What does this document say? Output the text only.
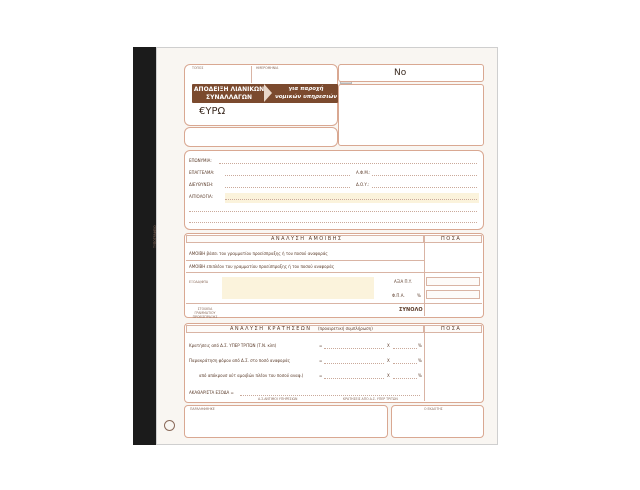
ΤΟΠΟΣ	ΗΜΕΡΟΜΗΝΙΑ	Νο
ΑΠΟΔΕΙΞΗ ΛΙΑΝΙΚΩΝ ΣΥΝΑΛΛΑΓΩΝ
για παροχή νομικών υπηρεσιών
€ΥΡΩ
ΕΠΩΝΥΜΙΑ:
ΕΠΑΓΓΕΛΜΑ:	Α.Φ.Μ.:
ΔΙΕΥΘΥΝΣΗ:	Δ.Ο.Υ.:
ΑΙΤΙΟΛΟΓΙΑ:
ΑΝΑΛΥΣΗ ΑΜΟΙΒΗΣ	ΠΟΣΑ
ΑΜΟΙΒΗ βάσει του γραμματίου προείσπραξης ή του ποσού αναφοράς
ΑΜΟΙΒΗ επιπλέον του γραμματίου προείσπραξης ή του ποσού αναφοράς
ΕΞΟΔΑ/ΦΠΑ	ΑΞΙΑ Π.Υ.
Φ.Π.Α.	%
ΣΤΟΙΧΕΙΑ ΓΡΑΜΜΑΤΙΟΥ ΠΡΟΕΙΣΠΡΑΞΗΣ
ΣΥΝΟΛΟ
ΑΝΑΛΥΣΗ ΚΡΑΤΗΣΕΩΝ (προαιρετική συμπλήρωση)	ΠΟΣΑ
Κρατήσεις από Δ.Σ. ΥΠΕΡ ΤΡΙΤΩΝ (Τ.Ν. κλπ)	=	Χ	%
Παρακράτηση φόρου από Δ.Σ. στο ποσό αναφοράς	=	Χ	%
από απόκρουσ ούτ αμοιβών πλέον του ποσού αναφ.)	=	Χ	%
ΑΚΑΘΑΡΙΣΤΑ ΕΣΟΔΑ =
Α.Σ.ΑΝΤΙΜΟΙ ΥΠΗΡΕΣΙΩΝ	ΚΡΑΤΗΣΕΙΣ ΑΠΟ Δ.Σ. ΥΠΕΡ ΤΡΙΤΩΝ
ΠΑΡΑΛΗΦΘΗΚΕ	Ο ΕΚΔΟΤΗΣ
ΤΥΠΟΓΡΑΦΕΙΟ
